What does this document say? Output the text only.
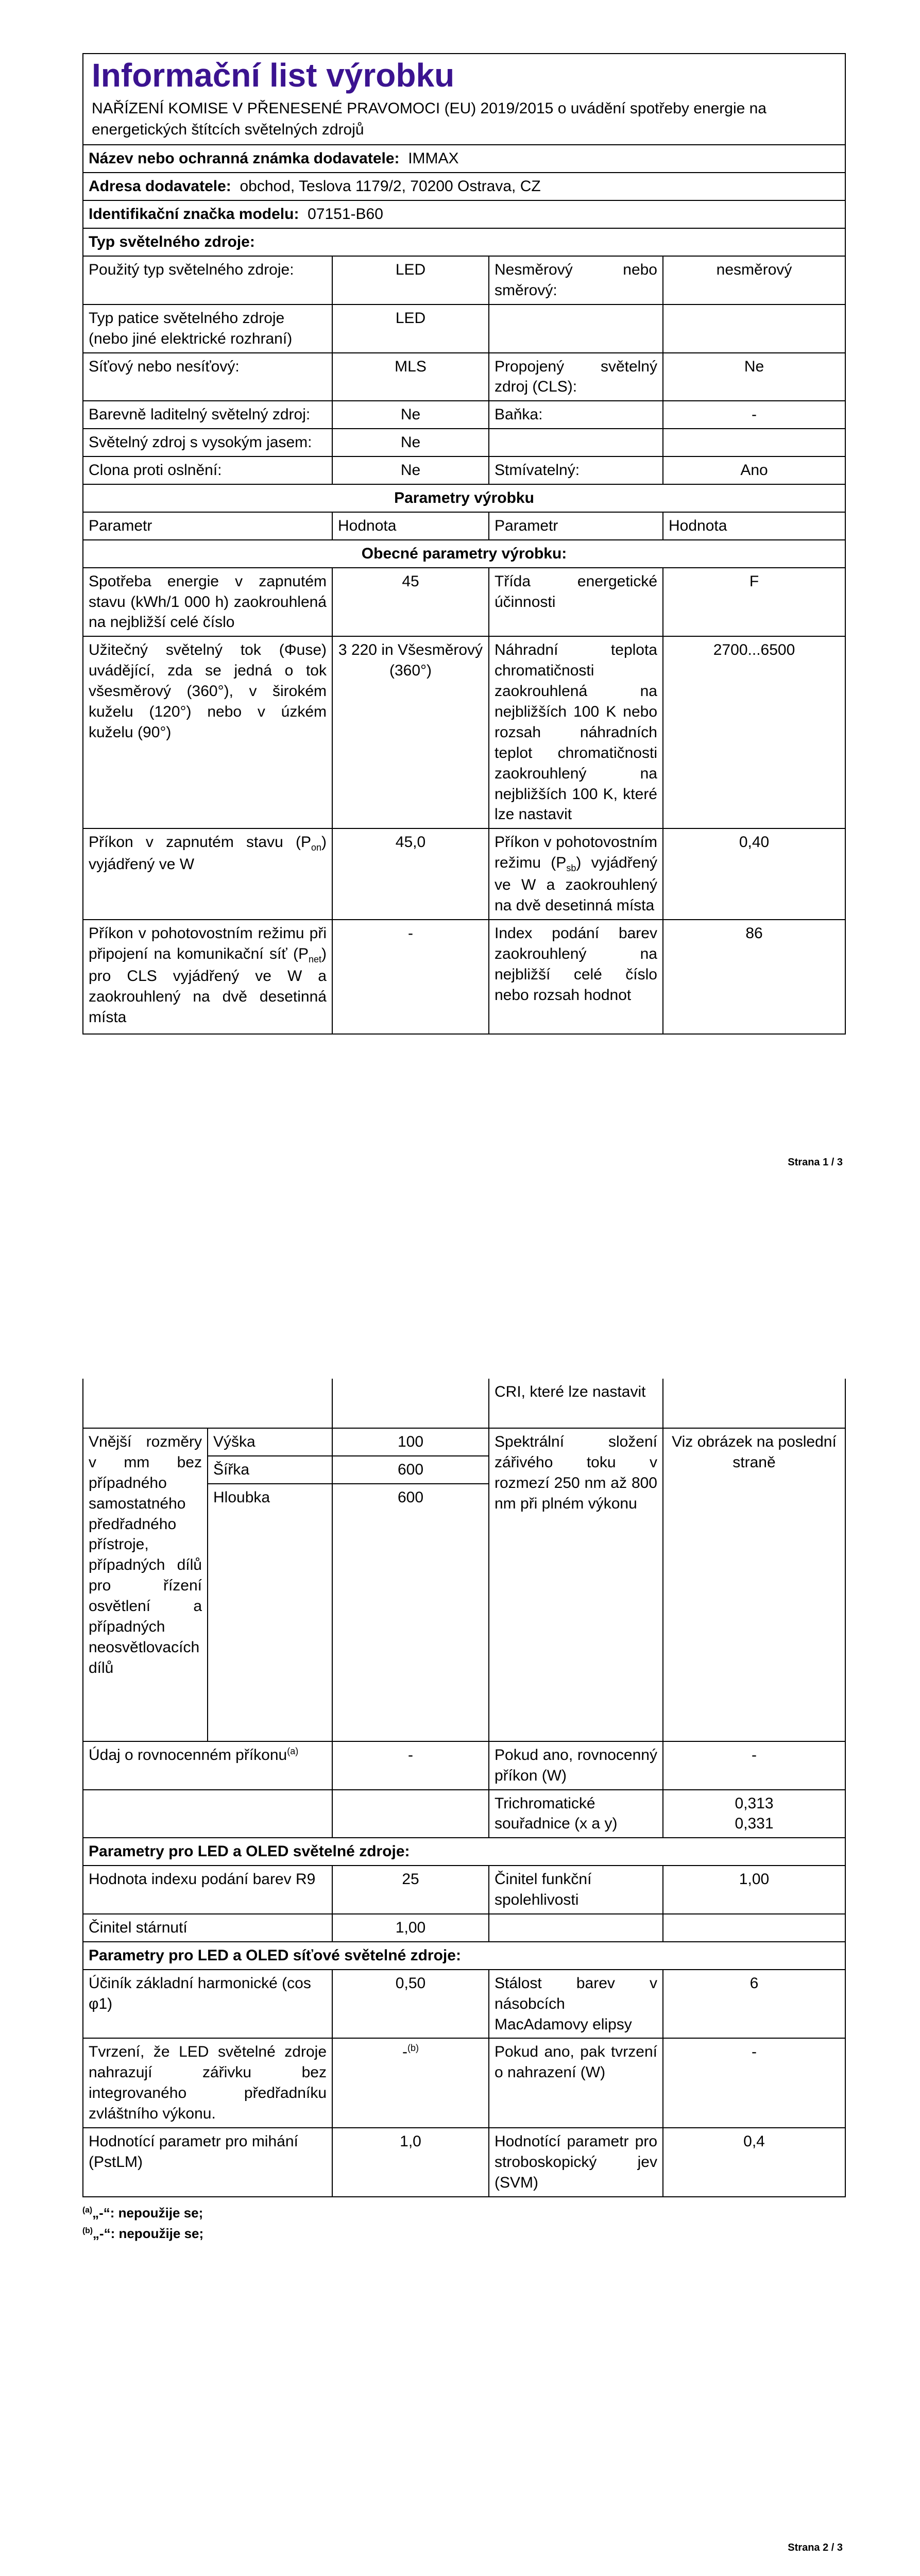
Informační list výrobku
NAŘÍZENÍ KOMISE V PŘENESENÉ PRAVOMOCI (EU) 2019/2015 o uvádění spotřeby energie na energetických štítcích světelných zdrojů			

Název nebo ochranná známka dodavatele: IMMAX			
Adresa dodavatele: obchod, Teslova 1179/2, 70200 Ostrava, CZ			
Identifikační značka modelu: 07151-B60			
Typ světelného zdroje:			
Použitý typ světelného zdroje:	LED	Nesměrový nebo směrový:	nesměrový
Typ patice světelného zdroje (nebo jiné elektrické rozhraní)	LED		
Síťový nebo nesíťový:	MLS	Propojený světelný zdroj (CLS):	Ne
Barevně laditelný světelný zdroj:	Ne	Baňka:	-
Světelný zdroj s vysokým jasem:	Ne		
Clona proti oslnění:	Ne	Stmívatelný:	Ano
Parametry výrobku			
Parametr	Hodnota	Parametr	Hodnota
Obecné parametry výrobku:			
Spotřeba energie v zapnutém stavu (kWh/1 000 h) zaokrouhlená na nejbližší celé číslo	45	Třída energetické účinnosti	F
Užitečný světelný tok (Φuse) uvádějící, zda se jedná o tok všesměrový (360°), v širokém kuželu (120°) nebo v úzkém kuželu (90°)	3 220 in Všesměrový (360°)	Náhradní teplota chromatičnosti zaokrouhlená na nejbližších 100 K nebo rozsah náhradních teplot chromatičnosti zaokrouhlený na nejbližších 100 K, které lze nastavit	2700...6500
Příkon v zapnutém stavu $(P_{on})$ vyjádřený ve W	45,0	Příkon v pohotovostním režimu $(P_{sb})$ vyjádřený ve W a zaokrouhlený na dvě desetinná místa	0,40
Příkon v pohotovostním režimu při připojení na komunikační síť $(P_{net})$ pro CLS vyjádřený ve W a zaokrouhlený na dvě desetinná místa	-	Index podání barev zaokrouhlený na nejbližší celé číslo nebo rozsah hodnot	86
Strana 1 / 3
			CRI, které lze nastavit	
Vnější rozměry v mm bez případného samostatného předřadného přístroje, případných dílů pro řízení osvětlení a případných neosvětlovacích dílů	Výška	100	Spektrální složení zářivého toku v rozmezí 250 nm až 800 nm při plném výkonu	Viz obrázek na poslední straně
	Šířka	600		
	Hloubka	600		
Údaj o rovnocenném příkonu$^{(a)}$		-	Pokud ano, rovnocenný příkon (W)	-
			Trichromatické souřadnice (x a y)	0,313
0,331

Parametry pro LED a OLED světelné zdroje:				
Hodnota indexu podání barev R9		25	Činitel funkční spolehlivosti	1,00
Činitel stárnutí		1,00		
Parametry pro LED a OLED síťové světelné zdroje:				
Účiník základní harmonické (cos φ1)		0,50	Stálost barev v násobcích MacAdamovy elipsy	6
Tvrzení, že LED světelné zdroje nahrazují zářivku bez integrovaného předřadníku zvláštního výkonu.		-$^{(b)}$	Pokud ano, pak tvrzení o nahrazení (W)	-
Hodnotící parametr pro mihání (PstLM)		1,0	Hodnotící parametr pro stroboskopický jev (SVM)	0,4
$^{(a)}$„-“: nepoužije se;
$^{(b)}$„-“: nepoužije se;
Strana 2 / 3
